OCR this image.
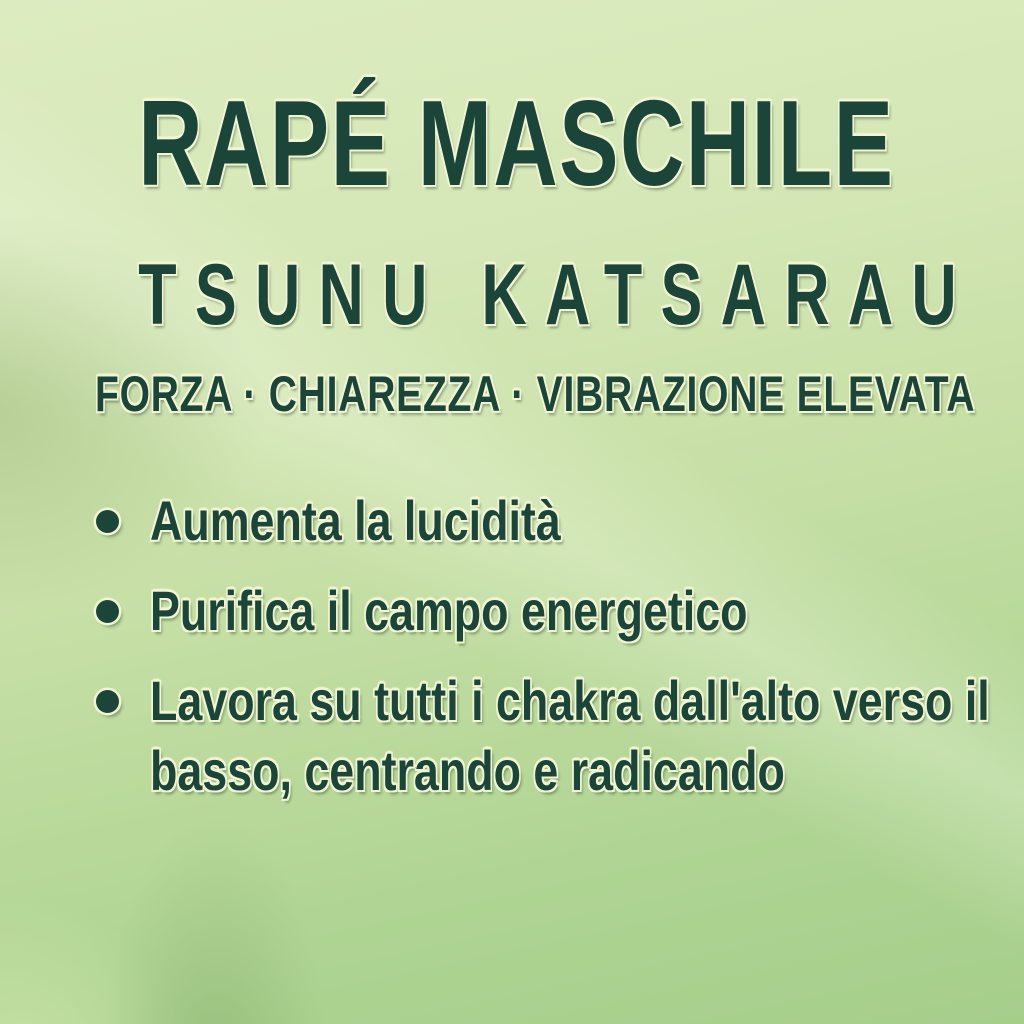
RAPÉ MASCHILE
TSUNU KATSARAU
FORZA · CHIAREZZA · VIBRAZIONE ELEVATA
Aumenta la lucidità
Purifica il campo energetico
Lavora su tutti i chakra dall'alto verso il basso, centrando e radicando
